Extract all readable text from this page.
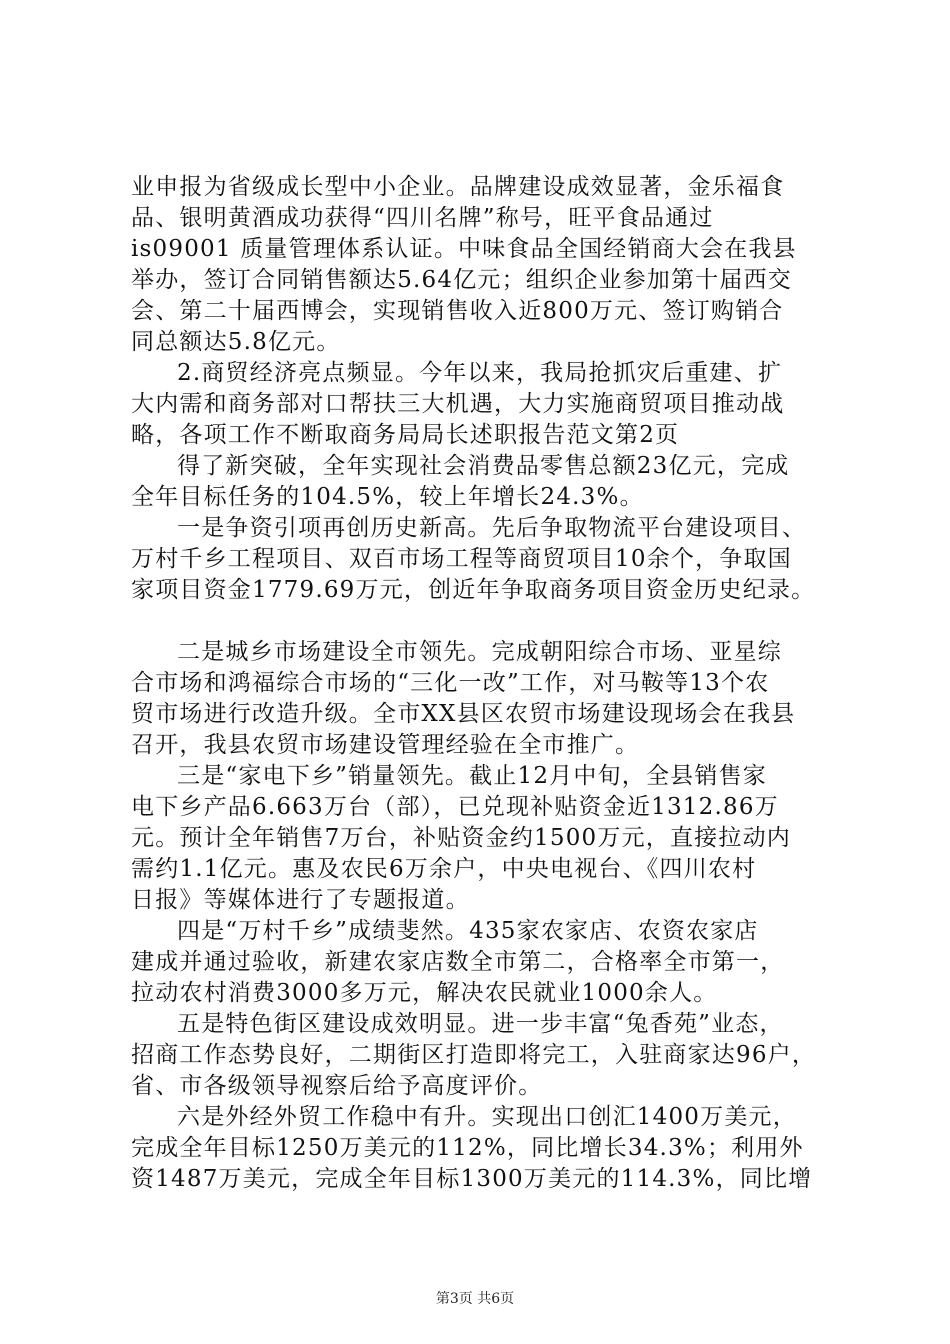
业申报为省级成长型中小企业。品牌建设成效显著，金乐福食
品、银明黄酒成功获得“四川名牌”称号，旺平食品通过
is09001 质量管理体系认证。中味食品全国经销商大会在我县
举办，签订合同销售额达5.64亿元；组织企业参加第十届西交
会、第二十届西博会，实现销售收入近800万元、签订购销合
同总额达5.8亿元。
2.商贸经济亮点频显。今年以来，我局抢抓灾后重建、扩
大内需和商务部对口帮扶三大机遇，大力实施商贸项目推动战
略，各项工作不断取商务局局长述职报告范文第2页
得了新突破，全年实现社会消费品零售总额23亿元，完成
全年目标任务的104.5%，较上年增长24.3%。
一是争资引项再创历史新高。先后争取物流平台建设项目、
万村千乡工程项目、双百市场工程等商贸项目10余个，争取国
家项目资金1779.69万元，创近年争取商务项目资金历史纪录。
二是城乡市场建设全市领先。完成朝阳综合市场、亚星综
合市场和鸿福综合市场的“三化一改”工作，对马鞍等13个农
贸市场进行改造升级。全市XX县区农贸市场建设现场会在我县
召开，我县农贸市场建设管理经验在全市推广。
三是“家电下乡”销量领先。截止12月中旬，全县销售家
电下乡产品6.663万台（部），已兑现补贴资金近1312.86万
元。预计全年销售7万台，补贴资金约1500万元，直接拉动内
需约1.1亿元。惠及农民6万余户，中央电视台、《四川农村
日报》等媒体进行了专题报道。
四是“万村千乡”成绩斐然。435家农家店、农资农家店
建成并通过验收，新建农家店数全市第二，合格率全市第一，
拉动农村消费3000多万元，解决农民就业1000余人。
五是特色街区建设成效明显。进一步丰富“兔香苑”业态，
招商工作态势良好，二期街区打造即将完工，入驻商家达96户，
省、市各级领导视察后给予高度评价。
六是外经外贸工作稳中有升。实现出口创汇1400万美元，
完成全年目标1250万美元的112%，同比增长34.3%；利用外
资1487万美元，完成全年目标1300万美元的114.3%，同比增
第3页 共6页
